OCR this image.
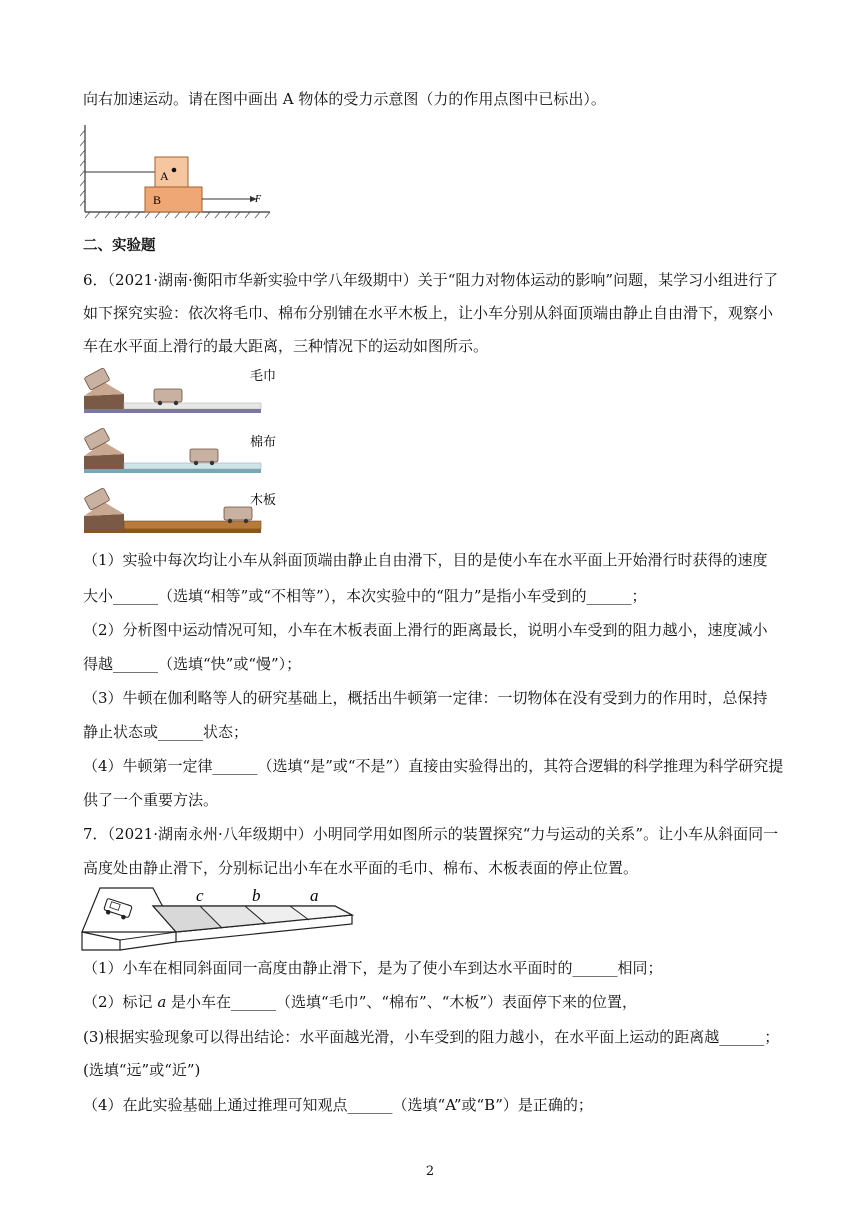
向右加速运动。请在图中画出 A 物体的受力示意图（力的作用点图中已标出）。
A
B	F
二、实验题
6．（2021·湖南·衡阳市华新实验中学八年级期中）关于“阻力对物体运动的影响”问题，某学习小组进行了
如下探究实验：依次将毛巾、棉布分别铺在水平木板上，让小车分别从斜面顶端由静止自由滑下，观察小
车在水平面上滑行的最大距离，三种情况下的运动如图所示。
毛巾
棉布
木板
（1）实验中每次均让小车从斜面顶端由静止自由滑下，目的是使小车在水平面上开始滑行时获得的速度
大小______（选填“相等”或“不相等”），本次实验中的“阻力”是指小车受到的______；
（2）分析图中运动情况可知，小车在木板表面上滑行的距离最长，说明小车受到的阻力越小，速度减小
得越______（选填“快”或“慢”）；
（3）牛顿在伽利略等人的研究基础上，概括出牛顿第一定律：一切物体在没有受到力的作用时，总保持
静止状态或______状态；
（4）牛顿第一定律______（选填“是”或“不是”）直接由实验得出的，其符合逻辑的科学推理为科学研究提
供了一个重要方法。
7．（2021·湖南永州·八年级期中）小明同学用如图所示的装置探究“力与运动的关系”。让小车从斜面同一
高度处由静止滑下，分别标记出小车在水平面的毛巾、棉布、木板表面的停止位置。
c	b	a
（1）小车在相同斜面同一高度由静止滑下，是为了使小车到达水平面时的______相同；
（2）标记 a 是小车在______（选填“毛巾”、“棉布”、“木板”）表面停下来的位置，
(3)根据实验现象可以得出结论：水平面越光滑，小车受到的阻力越小，在水平面上运动的距离越______；
(选填“远”或“近”)
（4）在此实验基础上通过推理可知观点______（选填“A”或“B”）是正确的；
2
